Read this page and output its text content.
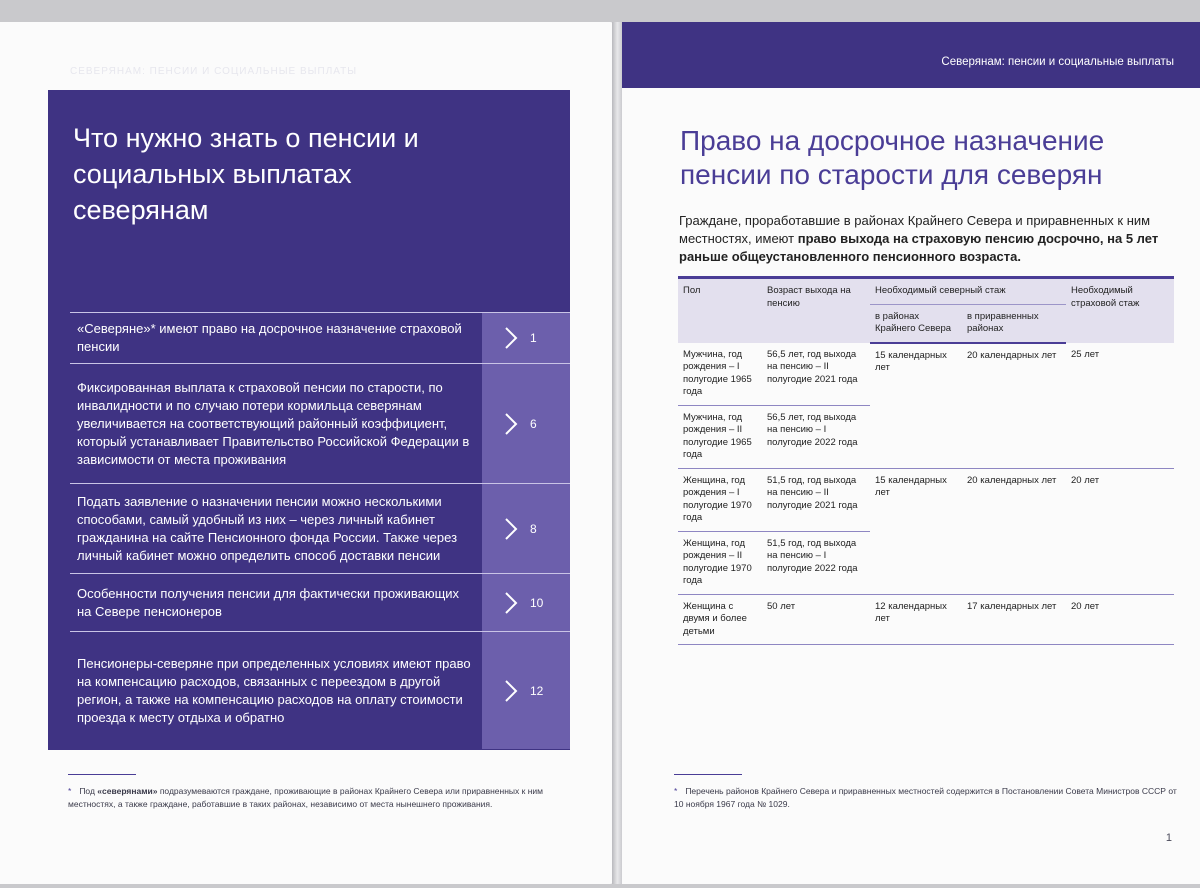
СЕВЕРЯНАМ: ПЕНСИИ И СОЦИАЛЬНЫЕ ВЫПЛАТЫ
Что нужно знать о пенсии и социальных выплатах северянам
«Северяне»* имеют право на досрочное назначение страховой пенсии
1
Фиксированная выплата к страховой пенсии по старости, по инвалидности и по случаю потери кормильца северянам увеличивается на соответствующий районный коэффициент, который устанавливает Правительство Российской Федерации в зависимости от места проживания
6
Подать заявление о назначении пенсии можно несколькими способами, самый удобный из них – через личный кабинет гражданина на сайте Пенсионного фонда России. Также через личный кабинет можно определить способ доставки пенсии
8
Особенности получения пенсии для фактически проживающих на Севере пенсионеров
10
Пенсионеры-северяне при определенных условиях имеют право на компенсацию расходов, связанных с переездом в другой регион, а также на компенсацию расходов на оплату стоимости проезда к месту отдыха и обратно
12
* Под «северянами» подразумеваются граждане, проживающие в районах Крайнего Севера или приравненных к ним местностях, а также граждане, работавшие в таких районах, независимо от места нынешнего проживания.
Северянам: пенсии и социальные выплаты
Право на досрочное назначение пенсии по старости для северян

Граждане, проработавшие в районах Крайнего Севера и приравненных к ним местностях, имеют право выхода на страховую пенсию досрочно, на 5 лет раньше общеустановленного пенсионного возраста.

Пол	Возраст выхода на пенсию	Необходимый северный стаж		Необходимый страховой стаж
		в районах Крайнего Севера	в приравненных районах	
Мужчина, год рождения – I полугодие 1965 года	56,5 лет, год выхода на пенсию – II полугодие 2021 года	15 календарных лет	20 календарных лет	25 лет
Мужчина, год рождения – II полугодие 1965 года	56,5 лет, год выхода на пенсию – I полугодие 2022 года			
Женщина, год рождения – I полугодие 1970 года	51,5 год, год выхода на пенсию – II полугодие 2021 года	15 календарных лет	20 календарных лет	20 лет
Женщина, год рождения – II полугодие 1970 года	51,5 год, год выхода на пенсию – I полугодие 2022 года			
Женщина с двумя и более детьми	50 лет	12 календарных лет	17 календарных лет	20 лет
* Перечень районов Крайнего Севера и приравненных местностей содержится в Постановлении Совета Министров СССР от 10 ноября 1967 года № 1029.
1
